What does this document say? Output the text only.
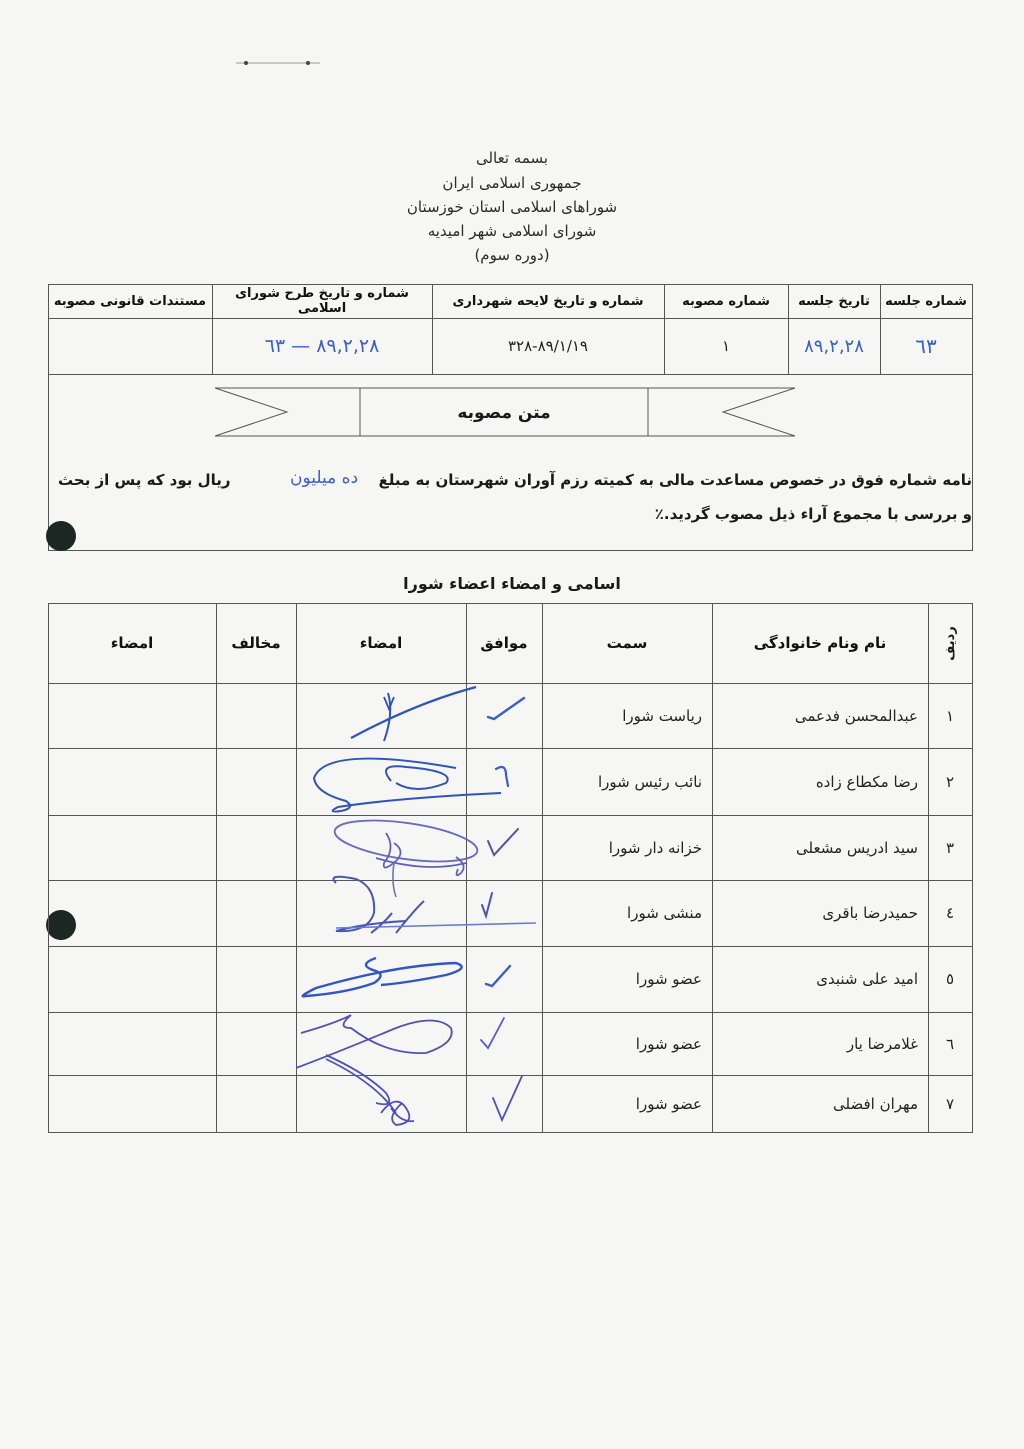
بسمه تعالی
جمهوری اسلامی ایران
شوراهای اسلامی استان خوزستان
شورای اسلامی شهر امیدیه
(دوره سوم)
شماره جلسه
تاریخ جلسه
شماره مصوبه
شماره و تاریخ لایحه شهرداری
شماره و تاریخ طرح شورای اسلامی
مستندات قانونی مصوبه
٦٣
٨٩,٢,٢٨
١
٨٩/١/١٩-٣٢٨
٨٩,٢,٢٨ — ٦٣
متن مصوبه
نامه شماره فوق در خصوص مساعدت مالی به کمیته رزم آوران شهرستان به مبلغ
ده میلیون
ریال بود که پس از بحث
و بررسی با مجموع آراء ذیل مصوب گردید.٪
اسامی و امضاء اعضاء شورا
ردیف
نام ونام خانوادگی
سمت
موافق
امضاء
مخالف
امضاء
١
عبدالمحسن فدعمی
ریاست شورا
٢
رضا مکطاع زاده
نائب رئیس شورا
٣
سید ادریس مشعلی
خزانه دار شورا
٤
حمیدرضا باقری
منشی شورا
٥
امید علی شنبدی
عضو شورا
٦
غلامرضا یار
عضو شورا
٧
مهران افضلی
عضو شورا
